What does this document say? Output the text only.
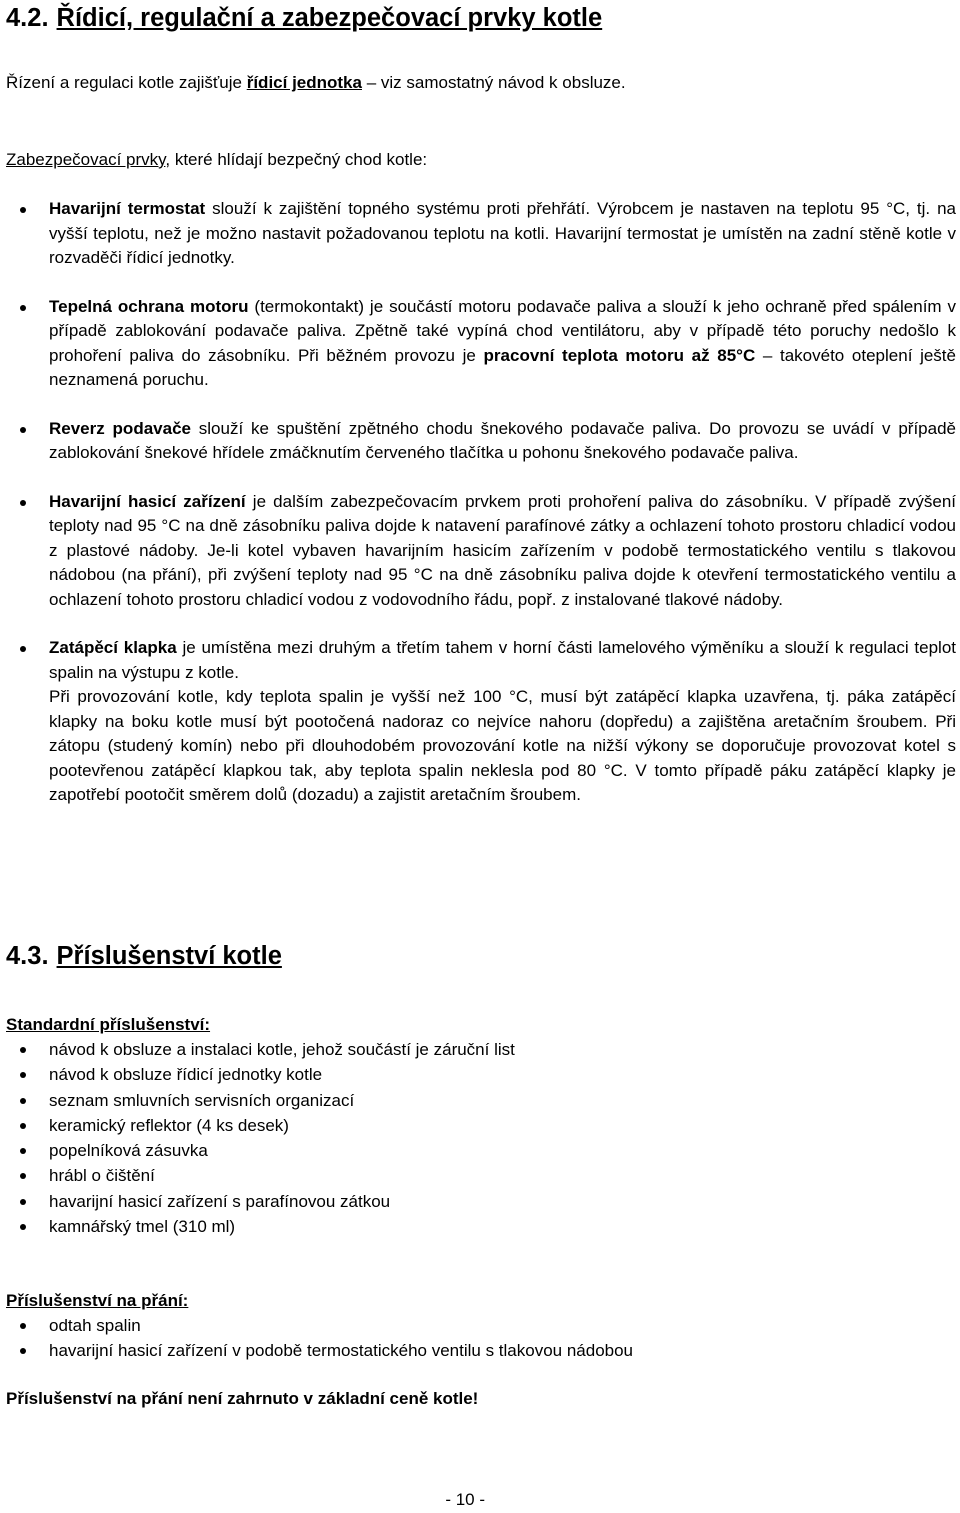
4.2. Řídicí, regulační a zabezpečovací prvky kotle

Řízení a regulaci kotle zajišťuje řídicí jednotka – viz samostatný návod k obsluze.

Zabezpečovací prvky, které hlídají bezpečný chod kotle:

Havarijní termostat slouží k zajištění topného systému proti přehřátí. Výrobcem je nastaven na teplotu 95 °C, tj. na vyšší teplotu, než je možno nastavit požadovanou teplotu na kotli. Havarijní termostat je umístěn na zadní stěně kotle v rozvaděči řídicí jednotky.
Tepelná ochrana motoru (termokontakt) je součástí motoru podavače paliva a slouží k jeho ochraně před spálením v případě zablokování podavače paliva. Zpětně také vypíná chod ventilátoru, aby v případě této poruchy nedošlo k prohoření paliva do zásobníku. Při běžném provozu je pracovní teplota motoru až 85°C – takovéto oteplení ještě neznamená poruchu.
Reverz podavače slouží ke spuštění zpětného chodu šnekového podavače paliva. Do provozu se uvádí v případě zablokování šnekové hřídele zmáčknutím červeného tlačítka u pohonu šnekového podavače paliva.
Havarijní hasicí zařízení je dalším zabezpečovacím prvkem proti prohoření paliva do zásobníku. V případě zvýšení teploty nad 95 °C na dně zásobníku paliva dojde k natavení parafínové zátky a ochlazení tohoto prostoru chladicí vodou z plastové nádoby. Je-li kotel vybaven havarijním hasicím zařízením v podobě termostatického ventilu s tlakovou nádobou (na přání), při zvýšení teploty nad 95 °C na dně zásobníku paliva dojde k otevření termostatického ventilu a ochlazení tohoto prostoru chladicí vodou z vodovodního řádu, popř. z instalované tlakové nádoby.
Zatápěcí klapka je umístěna mezi druhým a třetím tahem v horní části lamelového výměníku a slouží k regulaci teplot spalin na výstupu z kotle.
Při provozování kotle, kdy teplota spalin je vyšší než 100 °C, musí být zatápěcí klapka uzavřena, tj. páka zatápěcí klapky na boku kotle musí být pootočená nadoraz co nejvíce nahoru (dopředu) a zajištěna aretačním šroubem. Při zátopu (studený komín) nebo při dlouhodobém provozování kotle na nižší výkony se doporučuje provozovat kotel s pootevřenou zatápěcí klapkou tak, aby teplota spalin neklesla pod 80 °C. V tomto případě páku zatápěcí klapky je zapotřebí pootočit směrem dolů (dozadu) a zajistit aretačním šroubem.
4.3. Příslušenství kotle

Standardní příslušenství:

návod k obsluze a instalaci kotle, jehož součástí je záruční list
návod k obsluze řídicí jednotky kotle
seznam smluvních servisních organizací
keramický reflektor (4 ks desek)
popelníková zásuvka
hrábl o čištění
havarijní hasicí zařízení s parafínovou zátkou
kamnářský tmel (310 ml)

Příslušenství na přání:

odtah spalin
havarijní hasicí zařízení v podobě termostatického ventilu s tlakovou nádobou

Příslušenství na přání není zahrnuto v základní ceně kotle!

- 10 -
